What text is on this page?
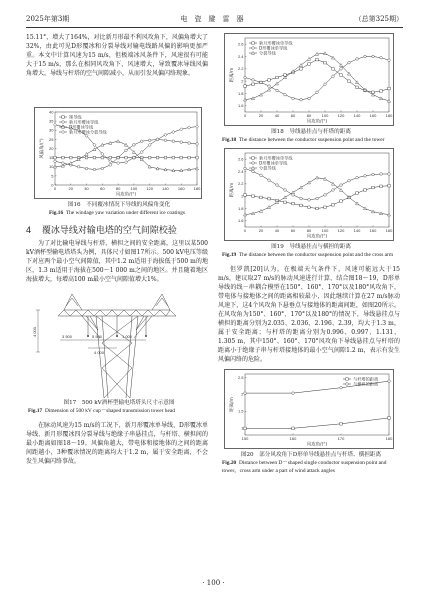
2025年第3期	电　瓷　避　雷　器	（总第325期）

15.11°，增大了164%，对比新月形最不利风攻角下，风偏角增大了32%，由此可见D形覆冰和分裂导线对输电线路风偏的影响更加严重。本文中计算风速为15 m/s，但极端冰风条件下，风速很有可能大于15 m/s，那么在相同风攻角下，风速增大，导致覆冰导线风偏角增大，导线与杆塔的空气间隙减小，从而引发风偏闪络现象。

0	20	40	60	80	100 120 140 160 180
0
5
10
15
20
25
30
35
40
风攻角/(°)
风偏角/(°)
裸导线
新月形覆冰导线
D形覆冰导线
新月形覆冰分裂导线
图16　不同覆冰情况下导线的风偏角变化
Fig.16 The windage yaw variation under different ice coatings
4 覆冰导线对输电塔的空气间隙校验

为了对比输电导线与杆塔、横担之间的安全距离，这里以某500 kV酒杯型输电塔塔头为例，具体尺寸如图17所示。500 kV电压等级下对应两个最小空气间隙值，其中1.2 m适用于海拔低于500 m的地区，1.3 m适用于海拔在500～1 000 m之间的地区。并且随着地区海拔增大，每增高100 m最小空气间隙值增大1%。

4 000	3 500	5 500	1 000
4 000
图17　500 kV酒杯型输电塔塔头尺寸示意图
Fig.17 Dimension of 500 kV cup－shaped transmission tower head

在脉动风速为15 m/s的工况下，新月形覆冰单导线、D形覆冰单导线、新月形覆冰四分裂导线与绝缘子串悬挂点，与杆塔、横担间的最小距离如图18～19。风偏角越大，带电体和接地体的之间的距离间距越小，3种覆冰情况的距离均大于1.2 m，属于安全距离，不会发生风偏闪络事故。

0	20	40	60	80	100 120 140 160 180
1.6
1.8
2
2.2
2.4
2.6
风攻角/(°)
距离/m
新月形覆冰单导线
D形覆冰单导线
分裂导线
图18　导线悬挂点与杆塔的距离
Fig.18 The distance between the conductor suspension point and the tower
0	20	40	60	80	100 120 140 160 180
1.6
1.8
2
2.2
2.4
2.6
风攻角/(°)
距离/m
新月形覆冰单导线
D形覆冰单导线
分裂导线
图19　导线悬挂点与横担的距离
Fig.19 The distance between the conductor suspension point and the cross arm

但罗凯[20]认为，在极端天气条件下，风速可能远大于15 m/s，建议取27 m/s的脉动风速进行计算，结合图18～19，D形单导线的线－串耦合模型在150°、160°、170°以及180°风攻角下，带电体与接地体之间的距离相较最小，因此继续计算在27 m/s脉动风速下，这4个风攻角下悬垂点与接地体的距离间距，如图20所示。在风攻角为150°、160°、170°以及180°的情况下，导线悬挂点与横担的距离分别为2.035、2.036、2.196、2.39，均大于1.3 m，属于安全距离；与杆塔的距离分别为0.996、0.997、1.131、1.305 m，其中150°、160°、170°风攻角下导线悬挂点与杆塔的距离小于绝缘子串与杆塔接地体的最小空气间隙1.2 m，表示有发生风偏闪络的危险。

150	160	170	180
1
1.5
2
2.5
风攻角/(°)
距离/m
与杆塔的距离
与横担的距离
图20　部分风攻角下D形单导线悬挂点与杆塔、横担距离
Fig.20 Distance between D－shaped single conductor suspension point and tower，cross arm under a part of wind attack angles
· 100 ·
